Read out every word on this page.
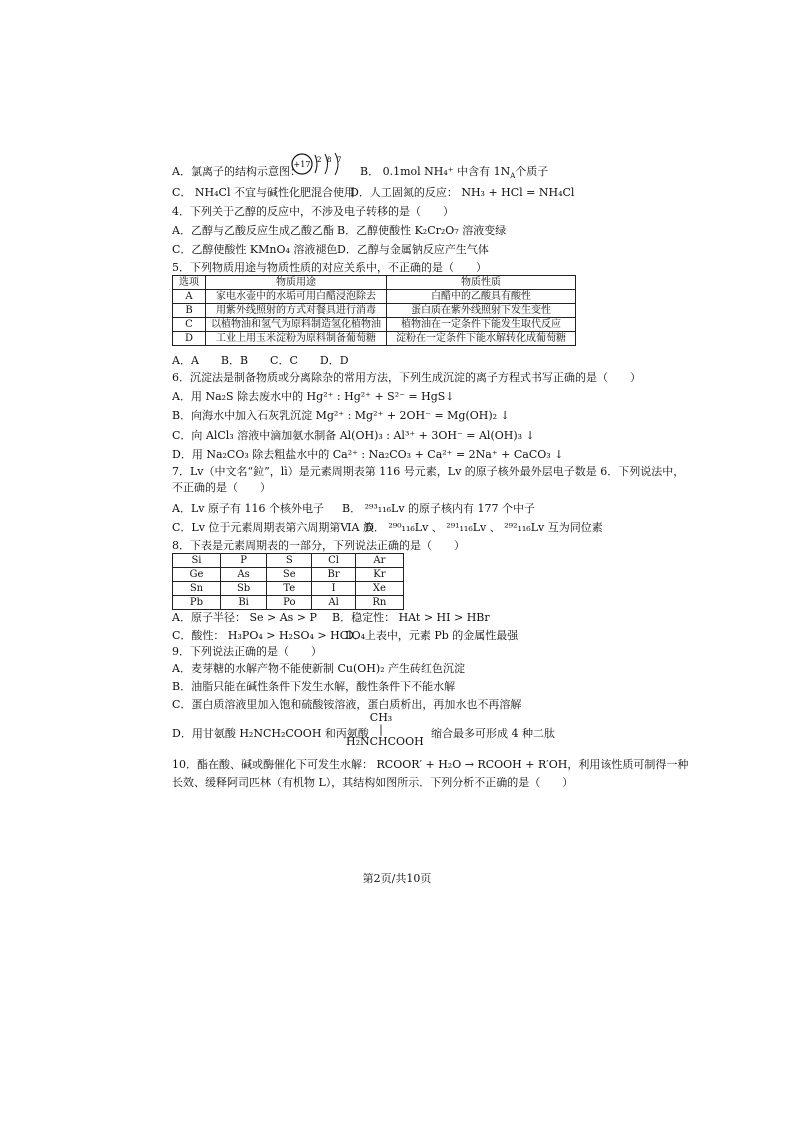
A．氯离子的结构示意图：
+17 2 8 7
B． 0.1mol NH₄⁺ 中含有 $1N_A$个质子
C． NH₄Cl 不宜与碱性化肥混合使用
D．人工固氮的反应： NH₃ + HCl = NH₄Cl
4．下列关于乙醇的反应中，不涉及电子转移的是（　　）
A．乙醇与乙酸反应生成乙酸乙酯 B．乙醇使酸性 K₂Cr₂O₇ 溶液变绿
C．乙醇使酸性 KMnO₄ 溶液褪色 D．乙醇与金属钠反应产生气体
5．下列物质用途与物质性质的对应关系中，不正确的是（　　）
选项	物质用途	物质性质
A	家电水壶中的水垢可用白醋浸泡除去	白醋中的乙酸具有酸性
B	用紫外线照射的方式对餐具进行消毒	蛋白质在紫外线照射下发生变性
C	以植物油和氢气为原料制造氢化植物油	植物油在一定条件下能发生取代反应
D	工业上用玉米淀粉为原料制备葡萄糖	淀粉在一定条件下能水解转化成葡萄糖
A．A　　B．B　　C．C　　D．D
6．沉淀法是制备物质或分离除杂的常用方法，下列生成沉淀的离子方程式书写正确的是（　　）
A．用 Na₂S 除去废水中的 Hg²⁺ : Hg²⁺ + S²⁻ = HgS↓
B．向海水中加入石灰乳沉淀 Mg²⁺ : Mg²⁺ + 2OH⁻ = Mg(OH)₂ ↓
C．向 AlCl₃ 溶液中滴加氨水制备 Al(OH)₃ : Al³⁺ + 3OH⁻ = Al(OH)₃ ↓
D．用 Na₂CO₃ 除去粗盐水中的 Ca²⁺ : Na₂CO₃ + Ca²⁺ = 2Na⁺ + CaCO₃ ↓
7．Lv（中文名“鉝”，lì）是元素周期表第 116 号元素，Lv 的原子核外最外层电子数是 6．下列说法中，
不正确的是（　　）
A．Lv 原子有 116 个核外电子 B． ²⁹³₁₁₆Lv 的原子核内有 177 个中子
C．Lv 位于元素周期表第六周期第ⅥA 族
D． ²⁹⁰₁₁₆Lv 、 ²⁹¹₁₁₆Lv 、 ²⁹²₁₁₆Lv 互为同位素
8．下表是元素周期表的一部分，下列说法正确的是（　　）
Si	P	S	Cl	Ar
Ge	As	Se	Br	Kr
Sn	Sb	Te	I	Xe
Pb	Bi	Po	Al	Rn
A．原子半径： Se > As > P B．稳定性： HAt > HI > HBr
C．酸性： H₃PO₄ > H₂SO₄ > HClO₄
D．上表中，元素 Pb 的金属性最强
9．下列说法正确的是（　　）
A．麦芽糖的水解产物不能使新制 Cu(OH)₂ 产生砖红色沉淀
B．油脂只能在碱性条件下发生水解，酸性条件下不能水解
C．蛋白质溶液里加入饱和硫酸铵溶液，蛋白质析出，再加水也不再溶解
D．用甘氨酸 H₂NCH₂COOH 和丙氨酸
CH₃
|
H₂NCHCOOH
缩合最多可形成 4 种二肽
10．酯在酸、碱或酶催化下可发生水解： RCOOR′ + H₂O → RCOOH + R′OH，利用该性质可制得一种
长效、缓释阿司匹林（有机物 L），其结构如图所示．下列分析不正确的是（　　）
第2页/共10页
